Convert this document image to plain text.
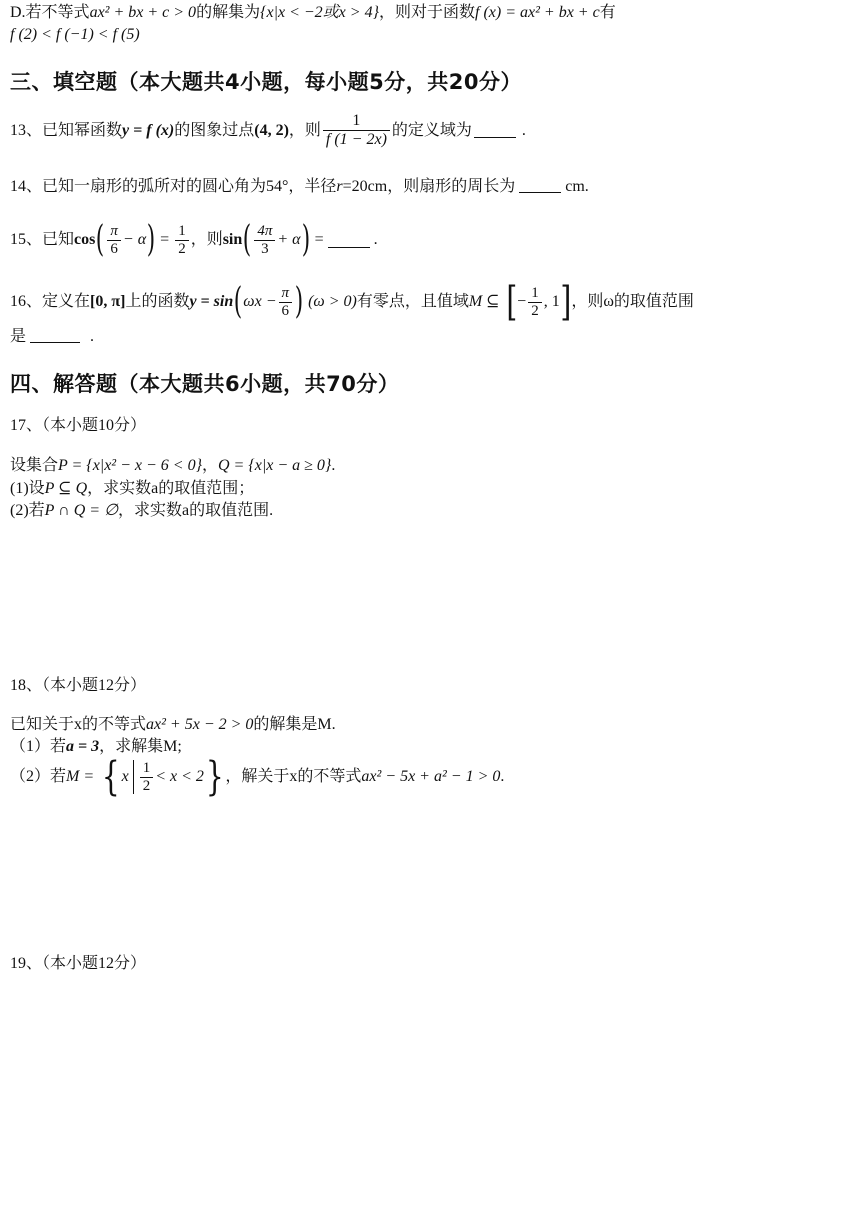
D.若不等式ax² + bx + c > 0的解集为{x|x < −2或x > 4}，则对于函数f (x) = ax² + bx + c有
f (2) < f (−1) < f (5)
三、填空题（本大题共4小题，每小题5分，共20分）
13、已知幂函数 y = f (x) 的图象过点 (4, 2) ，则 $\frac{1}{f (1 - 2x)}$ 的定义域为	.
14、已知一扇形的弧所对的圆心角为54°，半径r=20cm，则扇形的周长为	cm.
15、已知 cos ( $\frac{\pi}{6} - \alpha$ ) = $\frac{1}{2}$ ，则 sin ( $\frac{4\pi}{3} + \alpha$ ) =	.
16、定义在 [0, π] 上的函数 y = sin ( $\omega x - \frac{\pi}{6}$ ) (ω > 0) 有零点，且值域 M ⊆ [ − $\frac{1}{2}$ , 1 ] ，则ω的取值范围
是	.
四、解答题（本大题共6小题，共70分）
17、（本小题10分）
设集合P = {x|x² − x − 6 < 0}，Q = {x|x − a ≥ 0}.
(1)设P ⊆ Q，求实数a的取值范围；
(2)若P ∩ Q = ∅，求实数a的取值范围.
18、（本小题12分）
已知关于x的不等式ax² + 5x − 2 > 0的解集是M.
（1）若a = 3，求解集M;
（2）若 M = { x $\frac{1}{2} < x < 2$ } ，解关于x的不等式 ax² − 5x + a² − 1 > 0 .
19、（本小题12分）
